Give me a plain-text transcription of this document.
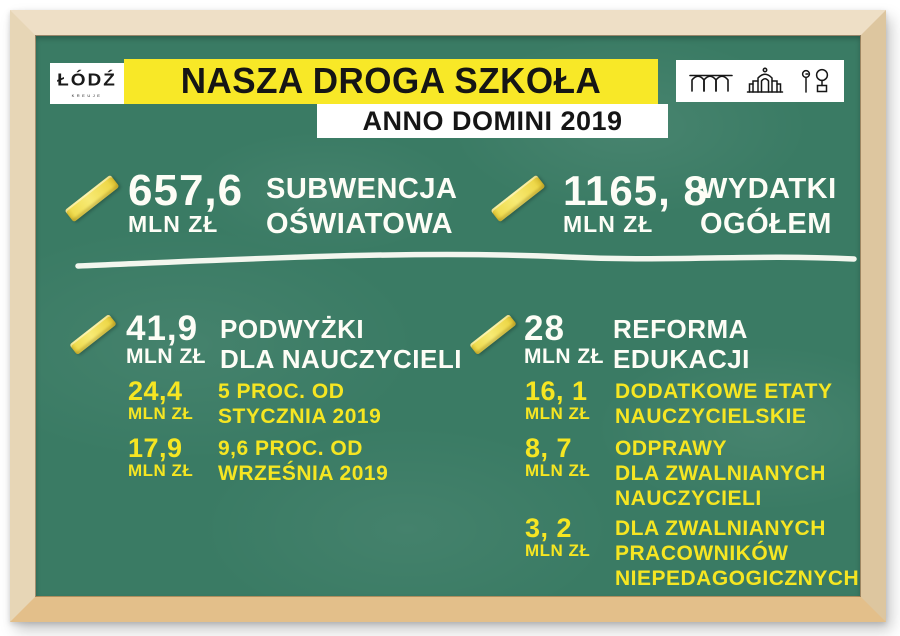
ŁÓDŹ
KREUJE NASZA DROGA SZKOŁA
ANNO DOMINI 2019
657,6
MLN ZŁ
SUBWENCJA
OŚWIATOWA
1165, 8
MLN ZŁ
WYDATKI
OGÓŁEM
41,9
MLN ZŁ
PODWYŻKI
DLA NAUCZYCIELI
24,4
MLN ZŁ
5 PROC. OD
STYCZNIA 2019
17,9
MLN ZŁ
9,6 PROC. OD
WRZEŚNIA 2019
28
MLN ZŁ
REFORMA
EDUKACJI
16, 1
MLN ZŁ
DODATKOWE ETATY
NAUCZYCIELSKIE
8, 7
MLN ZŁ
ODPRAWY
DLA ZWALNIANYCH
NAUCZYCIELI
3, 2
MLN ZŁ
DLA ZWALNIANYCH
PRACOWNIKÓW
NIEPEDAGOGICZNYCH
